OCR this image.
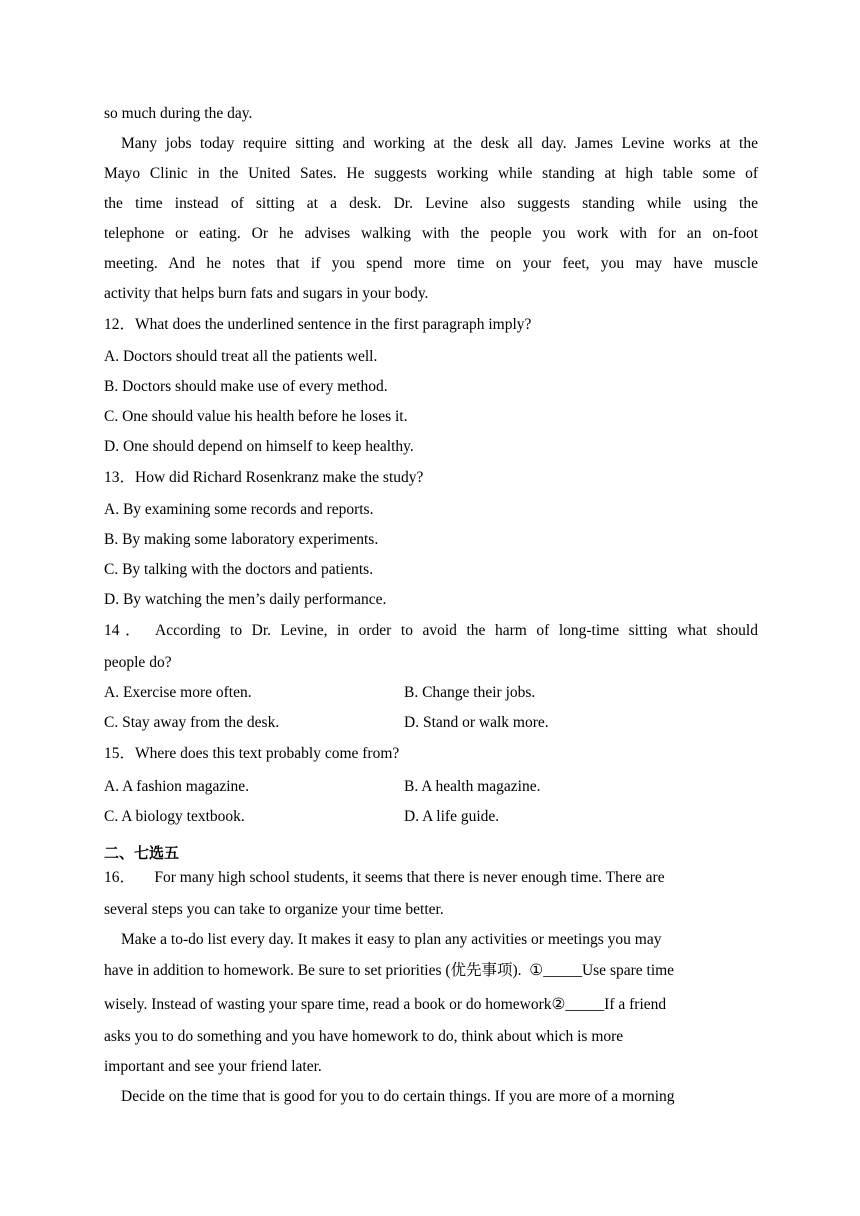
so much during the day.
Many jobs today require sitting and working at the desk all day. James Levine works at the
Mayo Clinic in the United Sates. He suggests working while standing at high table some of
the time instead of sitting at a desk. Dr. Levine also suggests standing while using the
telephone or eating. Or he advises walking with the people you work with for an on-foot
meeting. And he notes that if you spend more time on your feet, you may have muscle
activity that helps burn fats and sugars in your body.
12．What does the underlined sentence in the first paragraph imply?
A. Doctors should treat all the patients well.
B. Doctors should make use of every method.
C. One should value his health before he loses it.
D. One should depend on himself to keep healthy.
13．How did Richard Rosenkranz make the study?
A. By examining some records and reports.
B. By making some laboratory experiments.
C. By talking with the doctors and patients.
D. By watching the men’s daily performance.
14． According to Dr. Levine, in order to avoid the harm of long-time sitting what should
people do?
A. Exercise more often.	B. Change their jobs.
C. Stay away from the desk.	D. Stand or walk more.
15．Where does this text probably come from?
A. A fashion magazine.	B. A health magazine.
C. A biology textbook.	D. A life guide.
二、七选五
16．     For many high school students, it seems that there is never enough time. There are
several steps you can take to organize your time better.
Make a to-do list every day. It makes it easy to plan any activities or meetings you may
have in addition to homework. Be sure to set priorities (优先事项).  ①_____Use spare time
wisely. Instead of wasting your spare time, read a book or do homework②_____If a friend
asks you to do something and you have homework to do, think about which is more
important and see your friend later.
Decide on the time that is good for you to do certain things. If you are more of a morning
